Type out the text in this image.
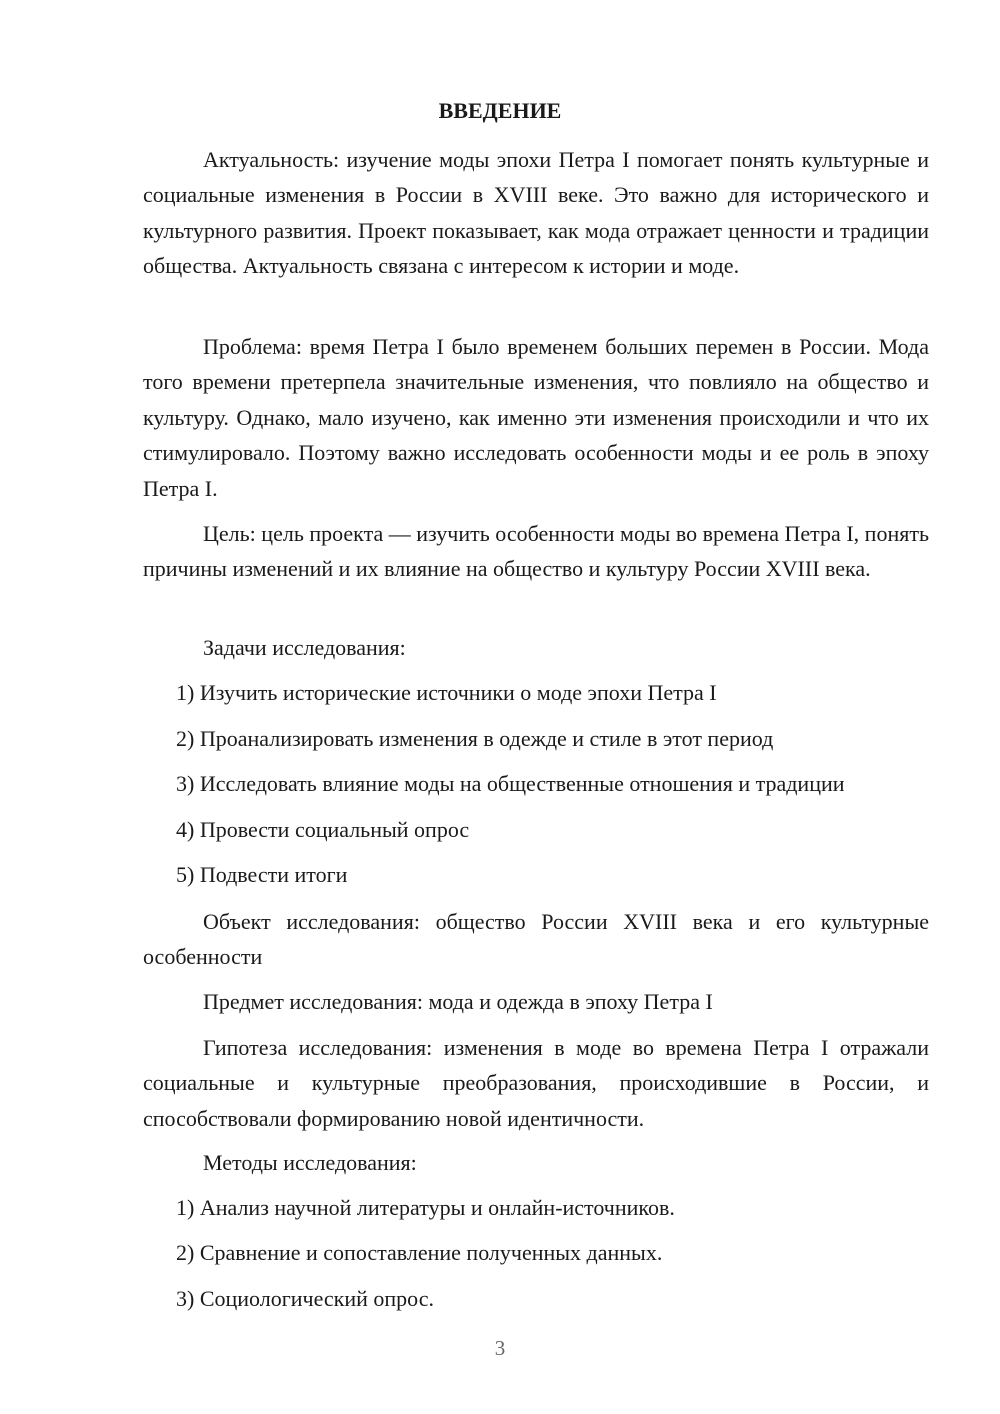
ВВЕДЕНИЕ

Актуальность: изучение моды эпохи Петра I помогает понять культурные и социальные изменения в России в XVIII веке. Это важно для исторического и культурного развития. Проект показывает, как мода отражает ценности и традиции общества. Актуальность связана с интересом к истории и моде.

Проблема: время Петра I было временем больших перемен в России. Мода того времени претерпела значительные изменения, что повлияло на общество и культуру. Однако, мало изучено, как именно эти изменения происходили и что их стимулировало. Поэтому важно исследовать особенности моды и ее роль в эпоху Петра I.

Цель: цель проекта — изучить особенности моды во времена Петра I, понять причины изменений и их влияние на общество и культуру России XVIII века.

Задачи исследования:

1) Изучить исторические источники о моде эпохи Петра I

2) Проанализировать изменения в одежде и стиле в этот период

3) Исследовать влияние моды на общественные отношения и традиции

4) Провести социальный опрос

5) Подвести итоги

Объект исследования: общество России XVIII века и его культурные особенности

Предмет исследования: мода и одежда в эпоху Петра I

Гипотеза исследования: изменения в моде во времена Петра I отражали социальные и культурные преобразования, происходившие в России, и способствовали формированию новой идентичности.

Методы исследования:

1) Анализ научной литературы и онлайн-источников.

2) Сравнение и сопоставление полученных данных.

3) Социологический опрос.

3
